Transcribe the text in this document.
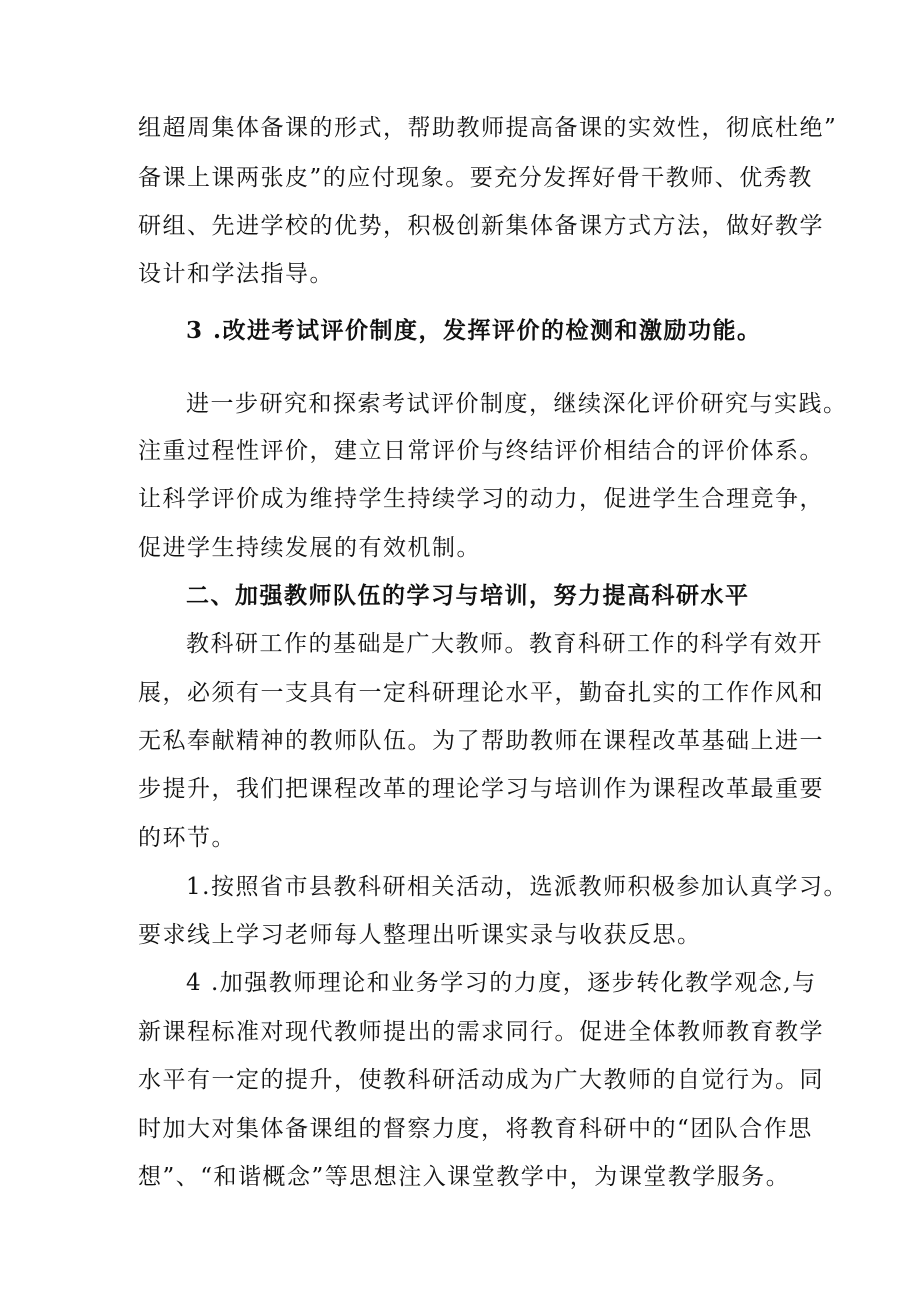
组超周集体备课的形式，帮助教师提高备课的实效性，彻底杜绝”
备课上课两张皮”的应付现象。要充分发挥好骨干教师、优秀教
研组、先进学校的优势，积极创新集体备课方式方法，做好教学
设计和学法指导。
3 .改进考试评价制度，发挥评价的检测和激励功能。
进一步研究和探索考试评价制度，继续深化评价研究与实践。
注重过程性评价，建立日常评价与终结评价相结合的评价体系。
让科学评价成为维持学生持续学习的动力，促进学生合理竞争，
促进学生持续发展的有效机制。
二、加强教师队伍的学习与培训，努力提高科研水平
教科研工作的基础是广大教师。教育科研工作的科学有效开
展，必须有一支具有一定科研理论水平，勤奋扎实的工作作风和
无私奉献精神的教师队伍。为了帮助教师在课程改革基础上进一
步提升，我们把课程改革的理论学习与培训作为课程改革最重要
的环节。
1.按照省市县教科研相关活动，选派教师积极参加认真学习。
要求线上学习老师每人整理出听课实录与收获反思。
4 .加强教师理论和业务学习的力度，逐步转化教学观念,与
新课程标准对现代教师提出的需求同行。促进全体教师教育教学
水平有一定的提升，使教科研活动成为广大教师的自觉行为。同
时加大对集体备课组的督察力度，将教育科研中的“团队合作思
想”、“和谐概念”等思想注入课堂教学中，为课堂教学服务。
